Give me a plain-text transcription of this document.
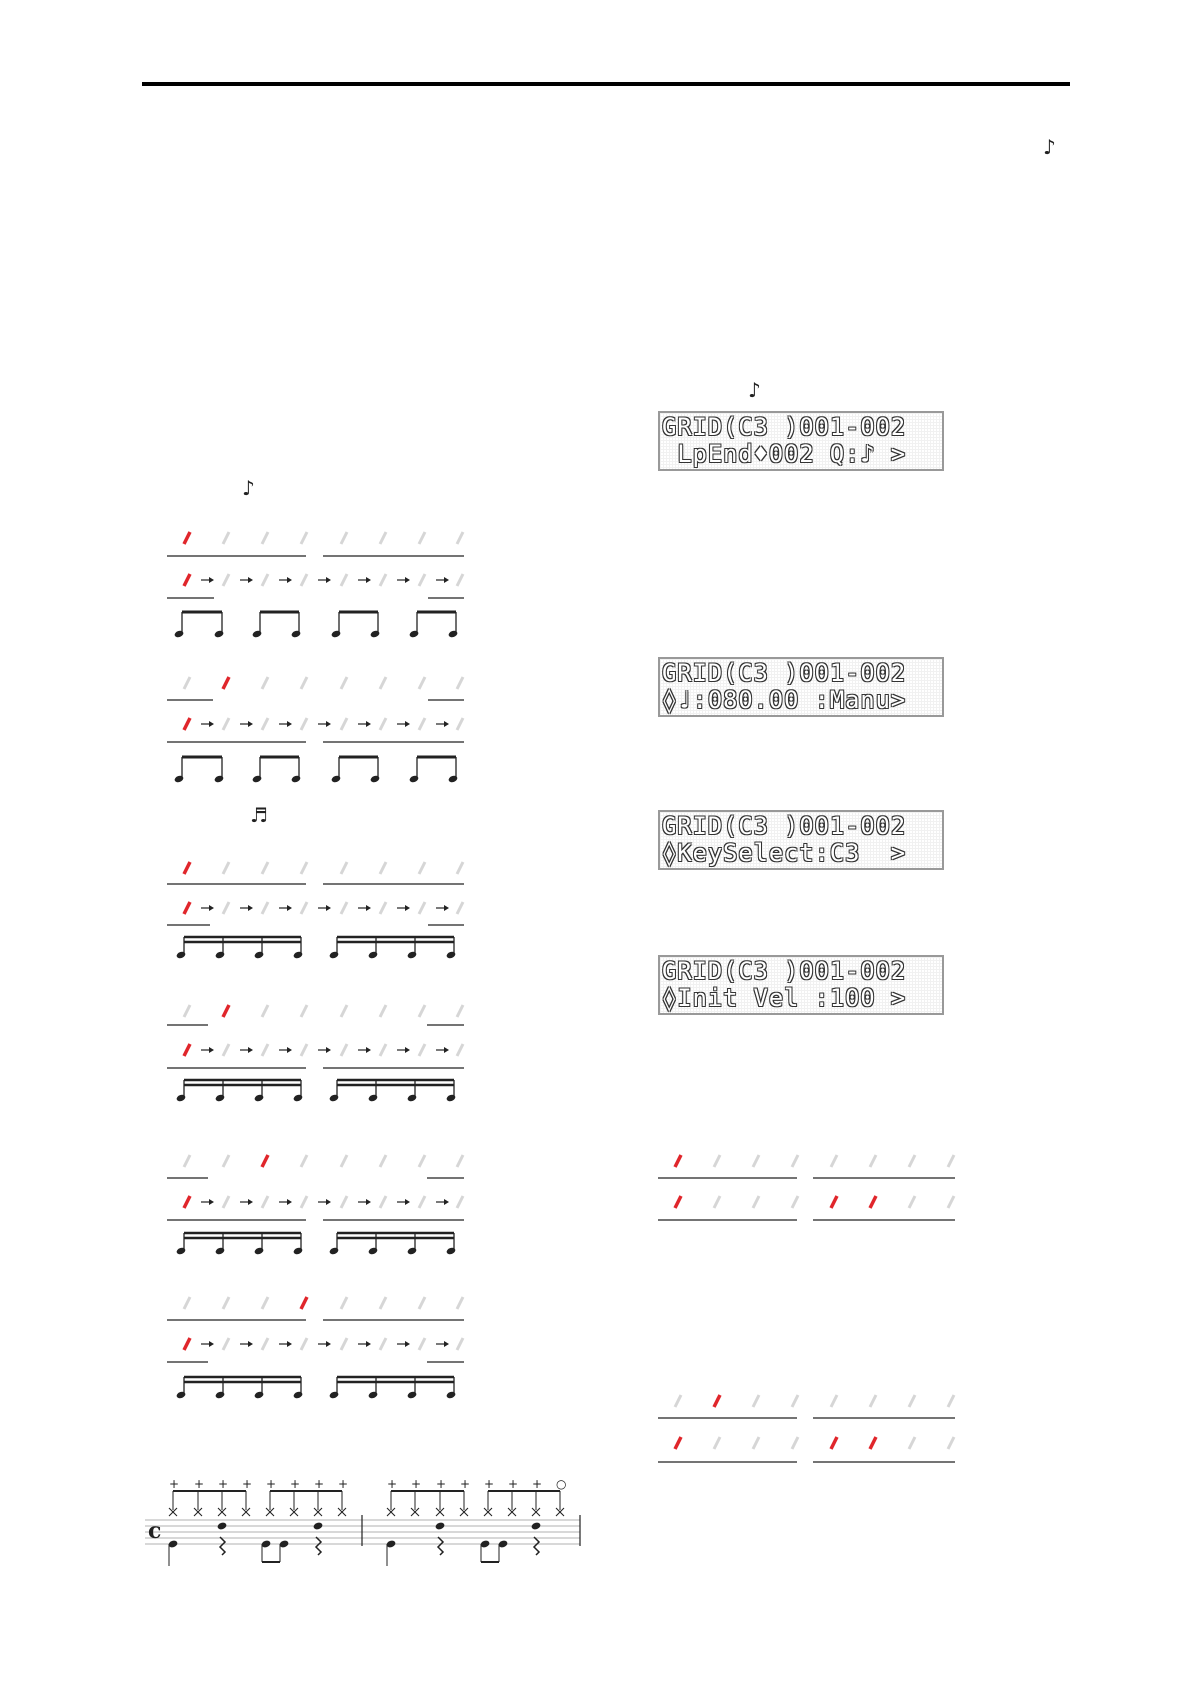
♪
♪
♪
♬
GRID(C3 )001-002
LpEnd♦002 Q:♪ >
GRID(C3 )001-002
◊♩:080.00 :Manu>
GRID(C3 )001-002
◊KeySelect:C3  >
GRID(C3 )001-002
◊Init Vel :100 >
c
+ + + + + + + +	+ + + + + + + ○
